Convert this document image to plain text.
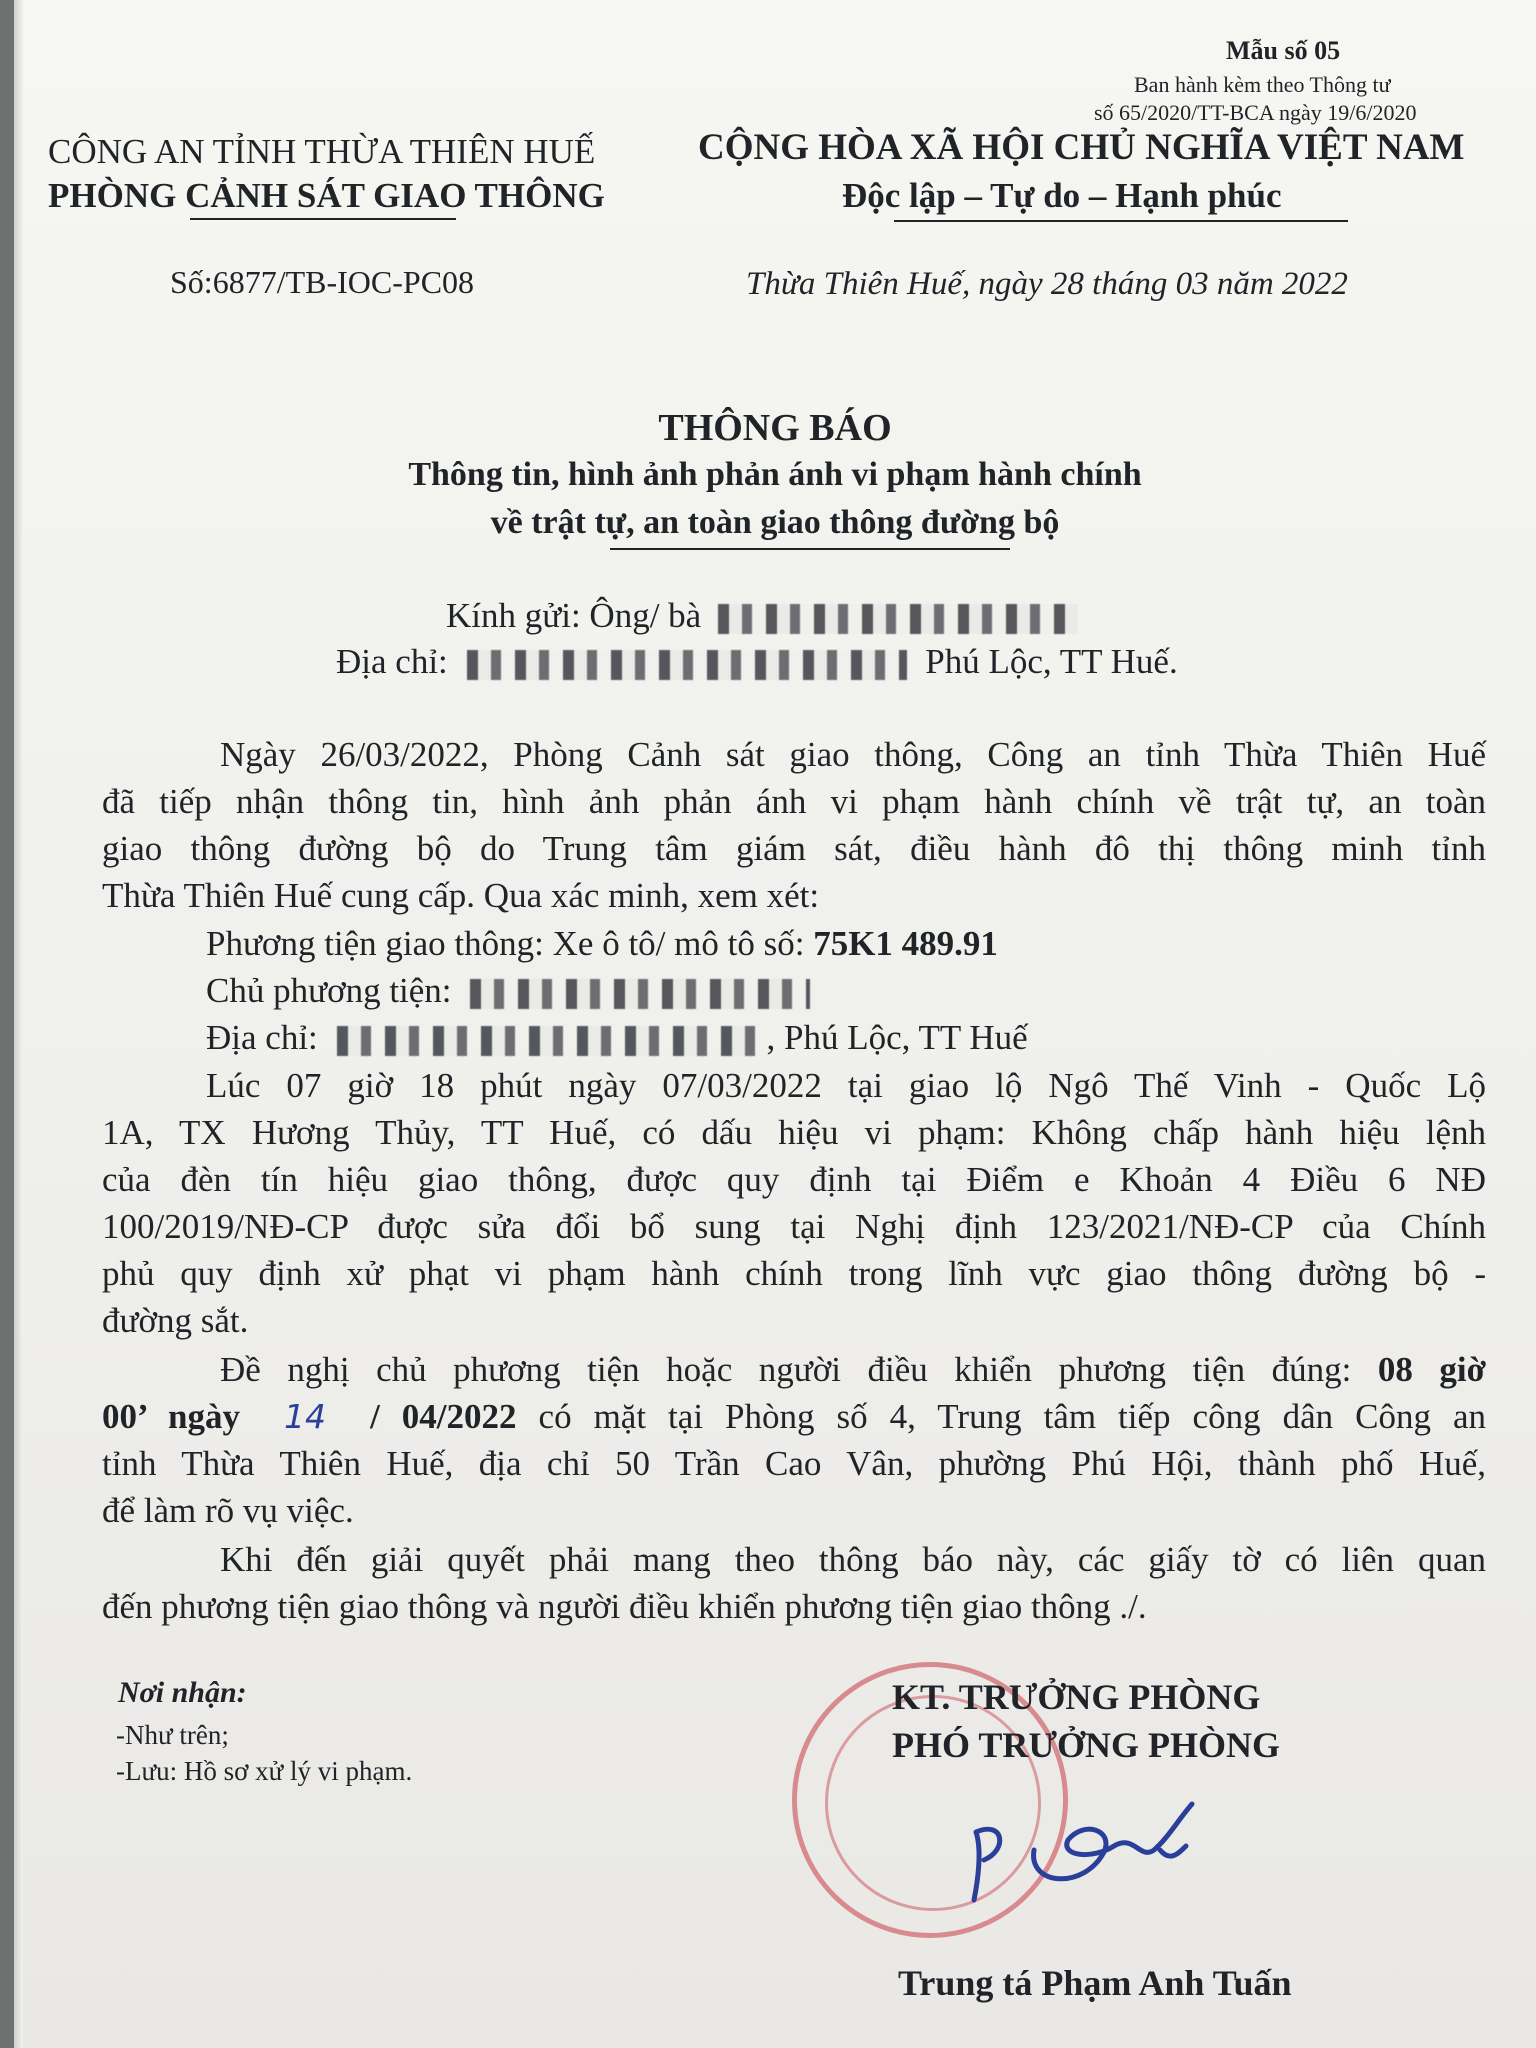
Mẫu số 05
Ban hành kèm theo Thông tư
số 65/2020/TT-BCA ngày 19/6/2020
CÔNG AN TỈNH THỪA THIÊN HUẾ
PHÒNG CẢNH SÁT GIAO THÔNG
Số:6877/TB-IOC-PC08
CỘNG HÒA XÃ HỘI CHỦ NGHĨA VIỆT NAM
Độc lập – Tự do – Hạnh phúc
Thừa Thiên Huế, ngày 28 tháng 03 năm 2022
THÔNG BÁO
Thông tin, hình ảnh phản ánh vi phạm hành chính
về trật tự, an toàn giao thông đường bộ
Kính gửi: Ông/ bà
Địa chỉ:	Phú Lộc, TT Huế.
Ngày 26/03/2022, Phòng Cảnh sát giao thông, Công an tỉnh Thừa Thiên Huế
đã tiếp nhận thông tin, hình ảnh phản ánh vi phạm hành chính về trật tự, an toàn
giao thông đường bộ do Trung tâm giám sát, điều hành đô thị thông minh tỉnh
Thừa Thiên Huế cung cấp. Qua xác minh, xem xét:
Phương tiện giao thông: Xe ô tô/ mô tô số: 75K1 489.91
Chủ phương tiện:
Địa chỉ:	, Phú Lộc, TT Huế
Lúc 07 giờ 18 phút ngày 07/03/2022 tại giao lộ Ngô Thế Vinh - Quốc Lộ
1A, TX Hương Thủy, TT Huế, có dấu hiệu vi phạm: Không chấp hành hiệu lệnh
của đèn tín hiệu giao thông, được quy định tại Điểm e Khoản 4 Điều 6 NĐ
100/2019/NĐ-CP được sửa đổi bổ sung tại Nghị định 123/2021/NĐ-CP của Chính
phủ quy định xử phạt vi phạm hành chính trong lĩnh vực giao thông đường bộ -
đường sắt.
Đề nghị chủ phương tiện hoặc người điều khiển phương tiện đúng: 08 giờ
00’ ngày 14 / 04/2022 có mặt tại Phòng số 4, Trung tâm tiếp công dân Công an
tỉnh Thừa Thiên Huế, địa chỉ 50 Trần Cao Vân, phường Phú Hội, thành phố Huế,
để làm rõ vụ việc.
Khi đến giải quyết phải mang theo thông báo này, các giấy tờ có liên quan
đến phương tiện giao thông và người điều khiển phương tiện giao thông ./.
Nơi nhận:
-Như trên;
-Lưu: Hồ sơ xử lý vi phạm.
KT. TRƯỞNG PHÒNG
PHÓ TRƯỞNG PHÒNG
Trung tá Phạm Anh Tuấn
